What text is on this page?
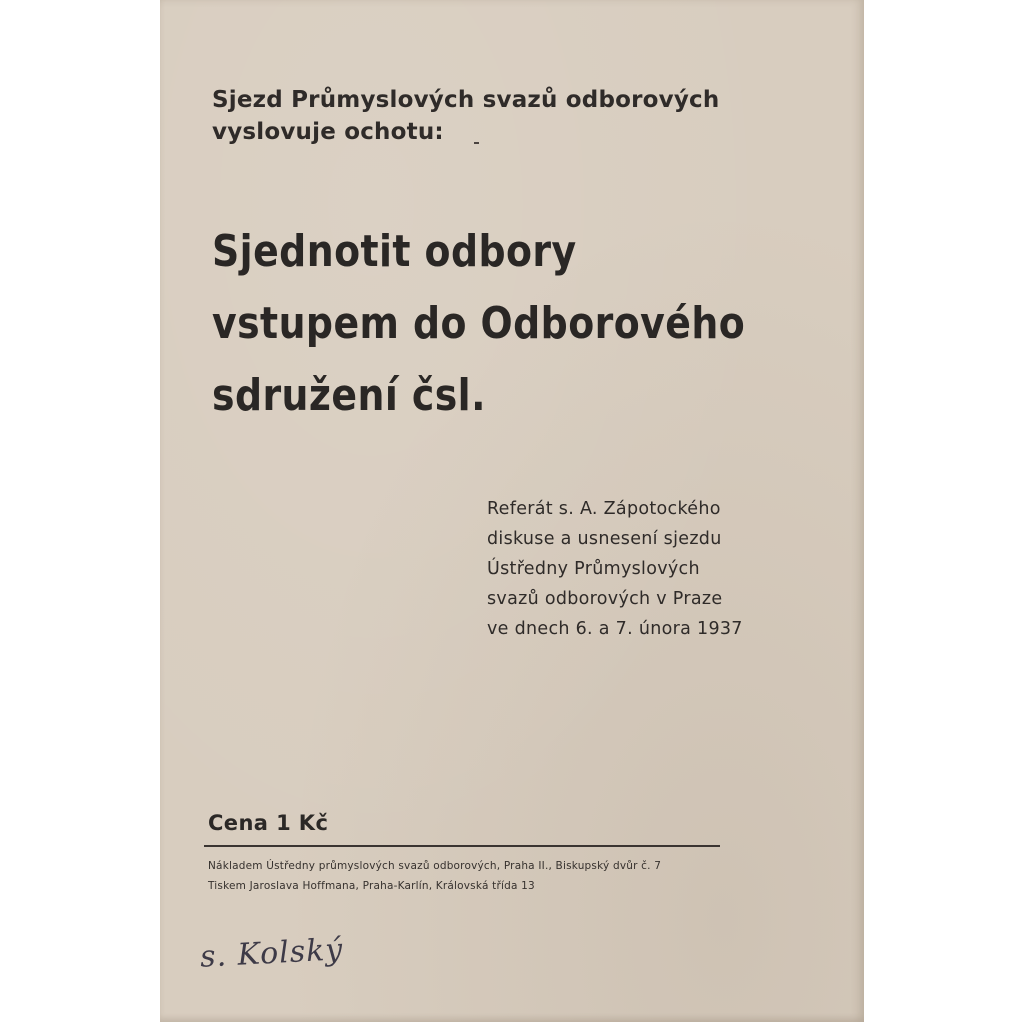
Sjezd Průmyslových svazů odborových
vyslovuje ochotu:
Sjednotit odbory
vstupem do Odborového
sdružení čsl.
Referát s. A. Zápotockého
diskuse a usnesení sjezdu
Ústředny Průmyslových
svazů odborových v Praze
ve dnech 6. a 7. února 1937
Cena 1 Kč
Nákladem Ústředny průmyslových svazů odborových, Praha II., Biskupský dvůr č. 7
Tiskem Jaroslava Hoffmana, Praha-Karlín, Královská třída 13
s. Kolský
